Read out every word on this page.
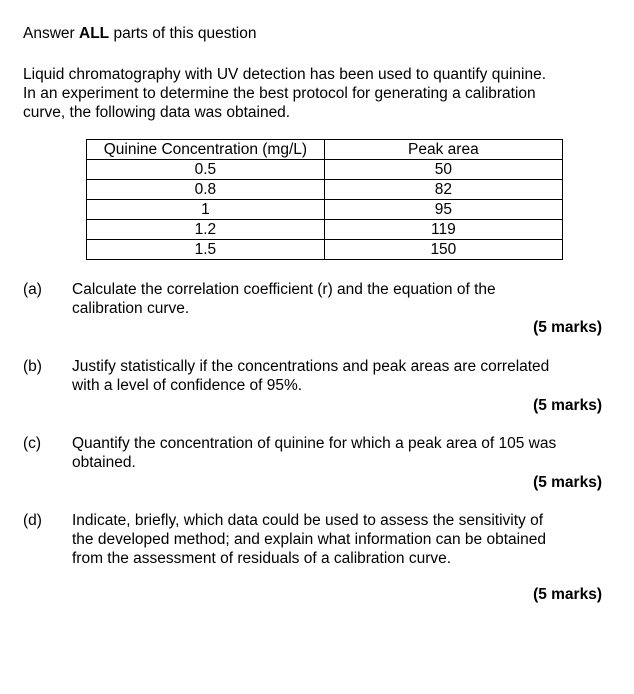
Answer ALL parts of this question

Liquid chromatography with UV detection has been used to quantify quinine.

In an experiment to determine the best protocol for generating a calibration

curve, the following data was obtained.

Quinine Concentration (mg/L)	Peak area
0.5	50
0.8	82
1	95
1.2	119
1.5	150
(a) Calculate the correlation coefficient (r) and the equation of the
calibration curve.
(5 marks)
(b) Justify statistically if the concentrations and peak areas are correlated
with a level of confidence of 95%.
(5 marks)
(c) Quantify the concentration of quinine for which a peak area of 105 was
obtained.
(5 marks)
(d) Indicate, briefly, which data could be used to assess the sensitivity of
the developed method; and explain what information can be obtained
from the assessment of residuals of a calibration curve.
(5 marks)
